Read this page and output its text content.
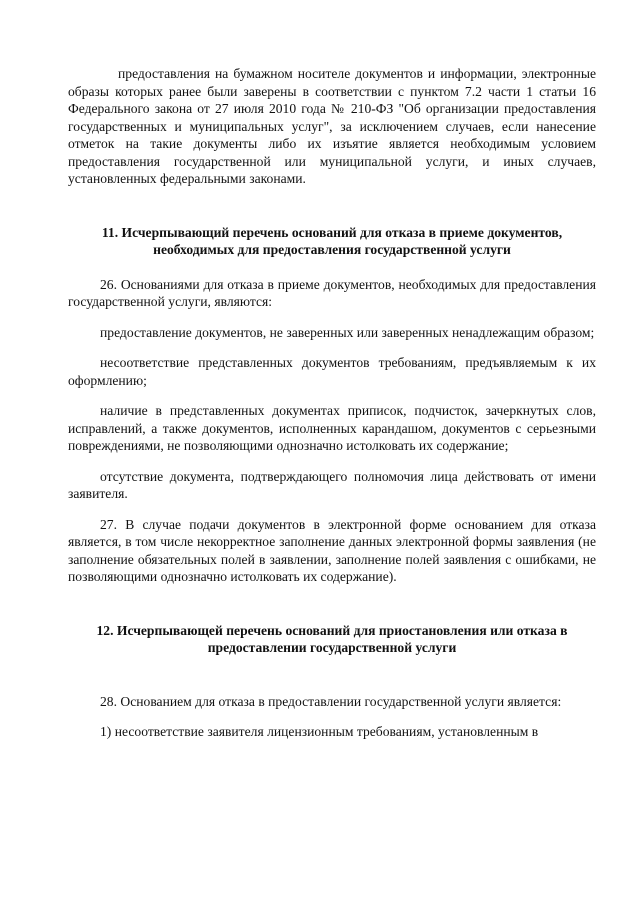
предоставления на бумажном носителе документов и информации, электронные образы которых ранее были заверены в соответствии с пунктом 7.2 части 1 статьи 16 Федерального закона от 27 июля 2010 года № 210-ФЗ "Об организации предоставления государственных и муниципальных услуг", за исключением случаев, если нанесение отметок на такие документы либо их изъятие является необходимым условием предоставления государственной или муниципальной услуги, и иных случаев, установленных федеральными законами.

11. Исчерпывающий перечень оснований для отказа в приеме документов, необходимых для предоставления государственной услуги

26. Основаниями для отказа в приеме документов, необходимых для предоставления государственной услуги, являются:

предоставление документов, не заверенных или заверенных ненадлежащим образом;

несоответствие представленных документов требованиям, предъявляемым к их оформлению;

наличие в представленных документах приписок, подчисток, зачеркнутых слов, исправлений, а также документов, исполненных карандашом, документов с серьезными повреждениями, не позволяющими однозначно истолковать их содержание;

отсутствие документа, подтверждающего полномочия лица действовать от имени заявителя.

27. В случае подачи документов в электронной форме основанием для отказа является, в том числе некорректное заполнение данных электронной формы заявления (не заполнение обязательных полей в заявлении, заполнение полей заявления с ошибками, не позволяющими однозначно истолковать их содержание).

12. Исчерпывающей перечень оснований для приостановления или отказа в предоставлении государственной услуги

28. Основанием для отказа в предоставлении государственной услуги является:

1) несоответствие заявителя лицензионным требованиям, установленным в
